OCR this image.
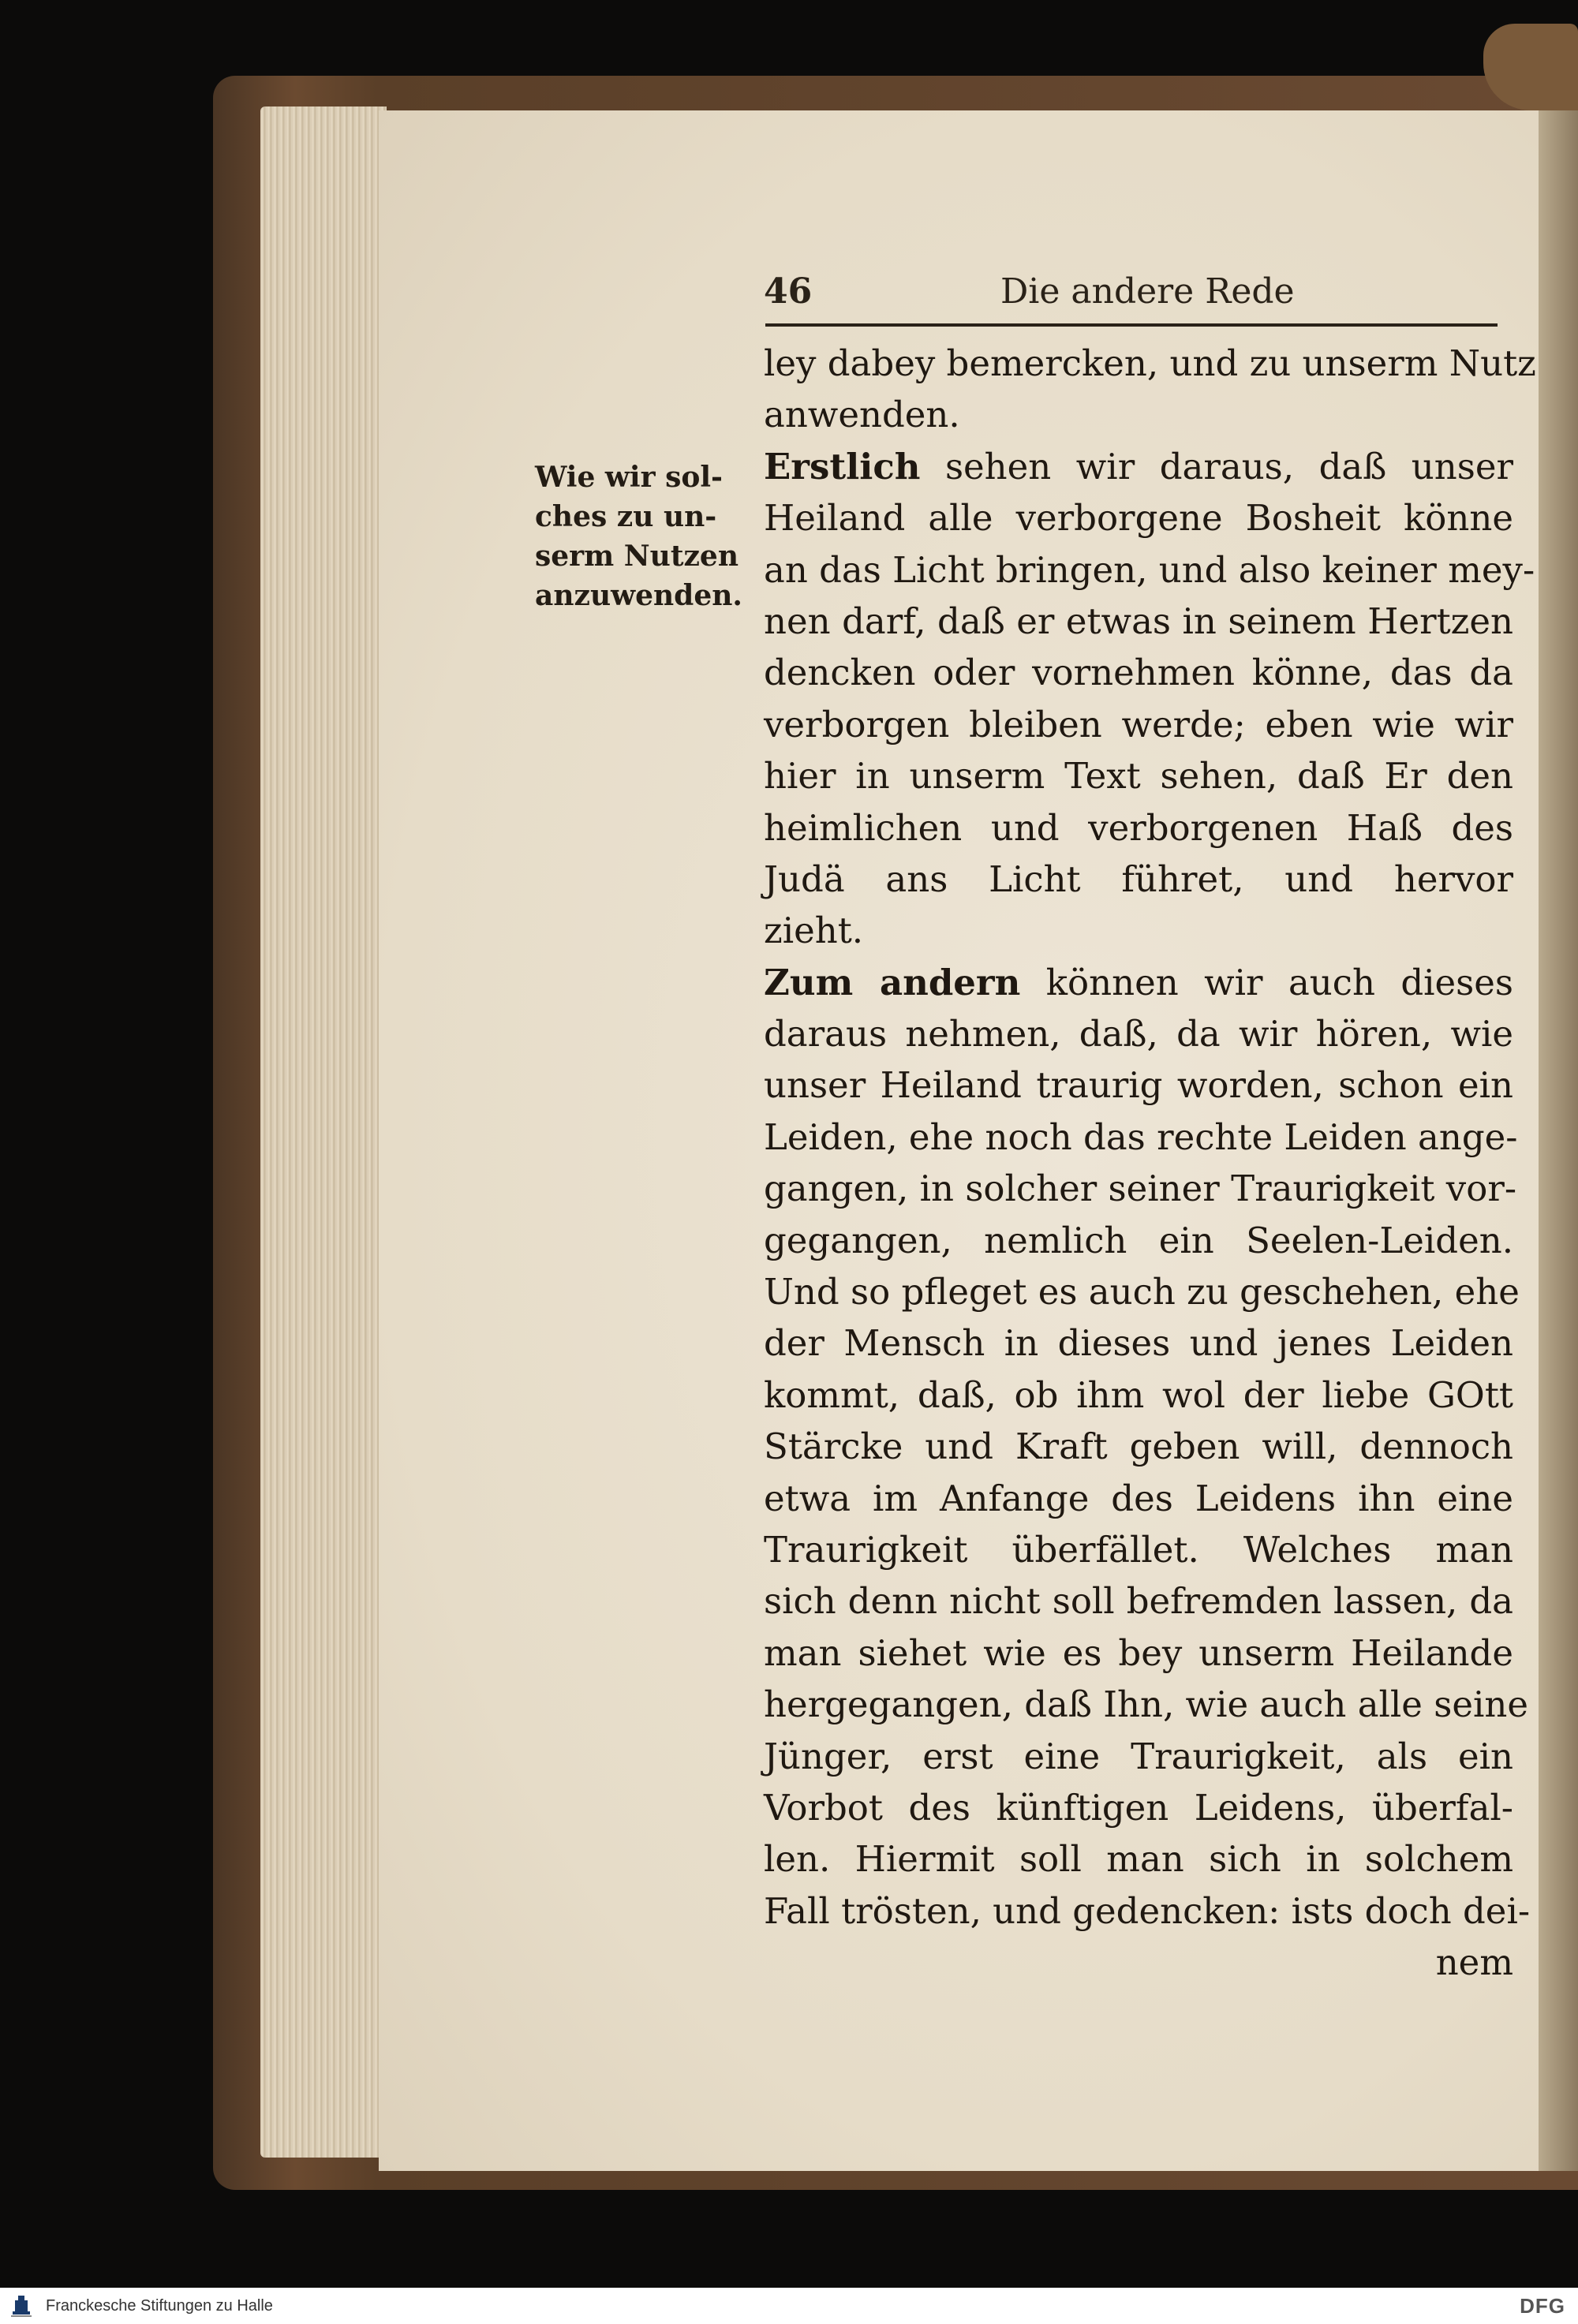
46	Die andere Rede
Wie wir sol-
ches zu un-
serm Nutzen
anzuwenden.
ley dabey bemercken, und zu unserm Nutz
anwenden.
Erstlich sehen wir daraus, daß unser
Heiland alle verborgene Bosheit könne
an das Licht bringen, und also keiner mey-
nen darf, daß er etwas in seinem Hertzen
dencken oder vornehmen könne, das da
verborgen bleiben werde; eben wie wir
hier in unserm Text sehen, daß Er den
heimlichen und verborgenen Haß des
Judä ans Licht führet, und hervor
zieht.
Zum andern können wir auch dieses
daraus nehmen, daß, da wir hören, wie
unser Heiland traurig worden, schon ein
Leiden, ehe noch das rechte Leiden ange-
gangen, in solcher seiner Traurigkeit vor-
gegangen, nemlich ein Seelen-Leiden.
Und so pfleget es auch zu geschehen, ehe
der Mensch in dieses und jenes Leiden
kommt, daß, ob ihm wol der liebe GOtt
Stärcke und Kraft geben will, dennoch
etwa im Anfange des Leidens ihn eine
Traurigkeit überfället. Welches man
sich denn nicht soll befremden lassen, da
man siehet wie es bey unserm Heilande
hergegangen, daß Ihn, wie auch alle seine
Jünger, erst eine Traurigkeit, als ein
Vorbot des künftigen Leidens, überfal-
len. Hiermit soll man sich in solchem
Fall trösten, und gedencken: ists doch dei-
nem
Franckesche Stiftungen zu Halle	DFG
